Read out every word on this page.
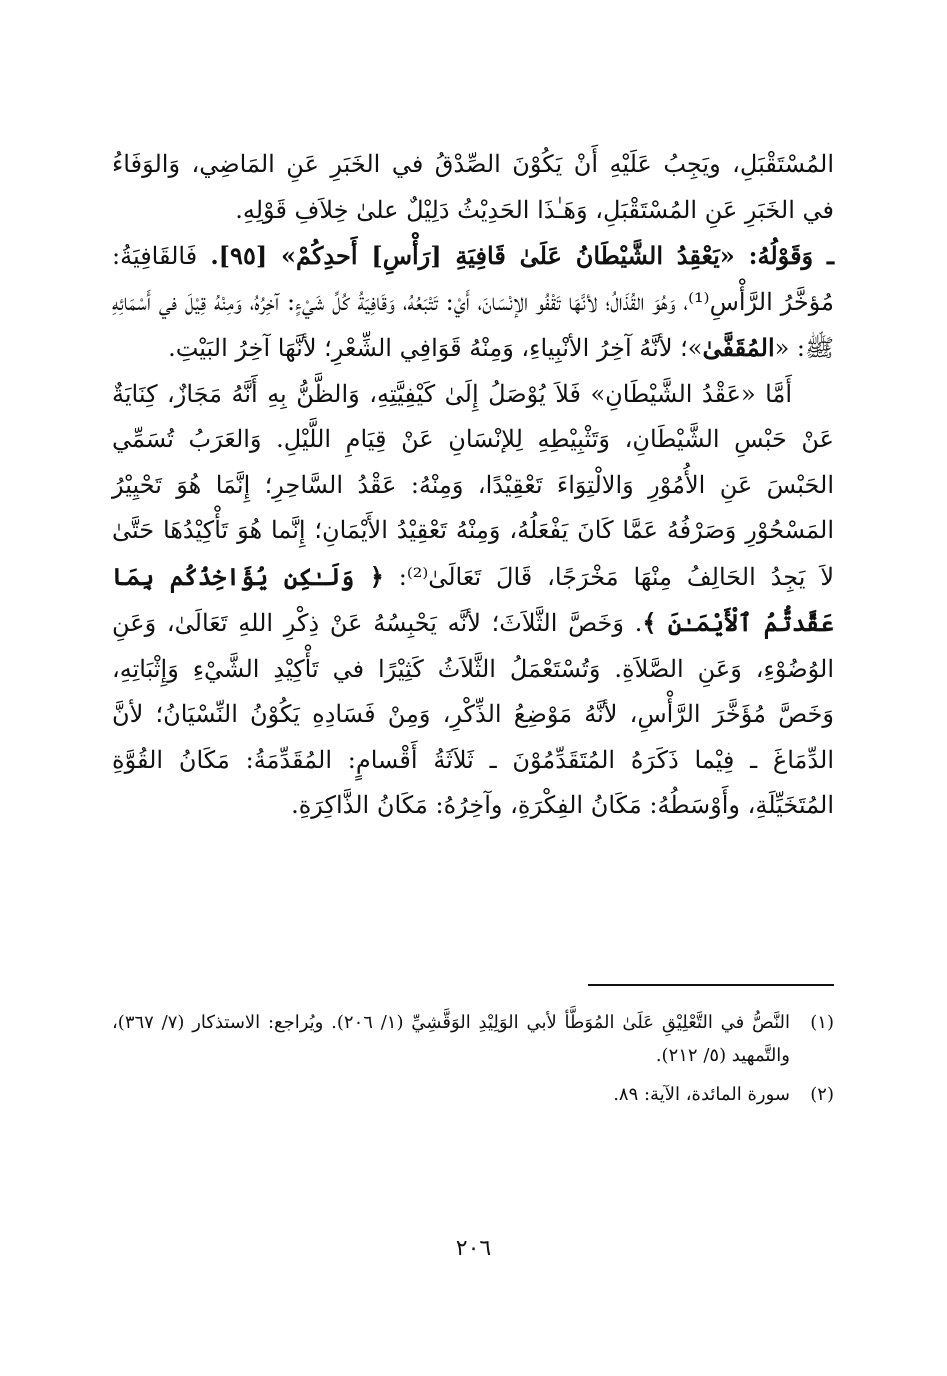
المُسْتَقْبَلِ، ويَجِبُ عَلَيْهِ أَنْ يَكُوْنَ الصِّدْقُ في الخَبَرِ عَنِ المَاضِي، وَالوَفَاءُ في الخَبَرِ عَنِ المُسْتَقْبَلِ، وَهَـٰذَا الحَدِيْثُ دَلِيْلٌ علىٰ خِلاَفِ قَوْلِهِ.

ـ وَقَوْلُهُ: «يَعْقِدُ الشَّيْطَانُ عَلَىٰ قَافِيَةِ [رَأْسِ] أَحدِكُمْ» [٩٥]. فَالقَافِيَةُ: مُؤخَّرُ الرَّأْسِ⁽¹⁾، وَهُوَ القُذَالُ؛ لأنَّهَا تَقْفُو الإنْسَانَ، أَيْ: تَتْبَعُهُ، وَقَافِيَةُ كُلِّ شَيْءٍ: آخِرُهُ، وَمِنْهُ قِيْلَ في أَسْمَائِهِ ﷺ: «المُقَفَّىٰ»؛ لأنَّهُ آخِرُ الأنْبِياءِ، وَمِنْهُ قَوَافِي الشِّعْرِ؛ لأنَّهَا آخِرُ البَيْتِ.

أَمَّا «عَقْدُ الشَّيْطَانِ» فَلاَ يُوْصَلُ إِلَىٰ كَيْفِيَّتِهِ، وَالظَّنُّ بِهِ أَنَّهُ مَجَازٌ، كِنَايَةٌ عَنْ حَبْسِ الشَّيْطَانِ، وَتَثْبِيْطِهِ لِلإنْسَانِ عَنْ قِيَامِ اللَّيْلِ. وَالعَرَبُ تُسَمِّي الحَبْسَ عَنِ الأُمُوْرِ وَالالْتِوَاءَ تَعْقِيْدًا، وَمِنْهُ: عَقْدُ السَّاحِرِ؛ إِنَّمَا هُوَ تَحْيِيْرُ المَسْحُوْرِ وَصَرْفُهُ عَمَّا كَانَ يَفْعَلُهُ، وَمِنْهُ تَعْقِيْدُ الأَيْمَانِ؛ إِنَّما هُوَ تَأْكِيْدُهَا حَتَّىٰ لاَ يَجِدُ الحَالِفُ مِنْهَا مَخْرَجًا، قَالَ تَعَالَىٰ⁽²⁾: ﴿ وَلَـٰكِن يُؤَاخِذُكُم بِمَا عَقَّدتُّمُ ٱلْأَيْمَـٰنَ ﴾. وَخَصَّ الثَّلاَثَ؛ لأنَّه يَحْبِسُهُ عَنْ ذِكْرِ اللهِ تَعَالَىٰ، وَعَنِ الوُضُوْءِ، وَعَنِ الصَّلاَةِ. وَتُسْتَعْمَلُ الثَّلاَثُ كَثِيْرًا في تَأْكِيْدِ الشَّيْءِ وَإِثْبَاتِهِ، وَخَصَّ مُؤَخَّرَ الرَّأْسِ، لأنَّهُ مَوْضِعُ الذِّكْرِ، وَمِنْ فَسَادِهِ يَكُوْنُ النِّسْيَانُ؛ لأنَّ الدِّمَاغَ ـ فِيْما ذَكَرَهُ المُتَقَدِّمُوْنَ ـ ثَلاَثَةُ أَقْسامٍ: المُقَدِّمَةُ: مَكَانُ القُوَّةِ المُتَخَيِّلَةِ، وأَوْسَطُهُ: مَكَانُ الفِكْرَةِ، وآخِرُهُ: مَكَانُ الذَّاكِرَةِ.

(١)
النَّصُّ في التَّعْلِيْقِ عَلَىٰ المُوَطَّأ لأبي الوَلِيْدِ الوَقَّشِيِّ (١/ ٢٠٦). ويُراجع: الاستذكار (٧/ ٣٦٧)، والتَّمهيد (٥/ ٢١٢).
(٢)
سورة المائدة، الآية: ٨٩.
٢٠٦
